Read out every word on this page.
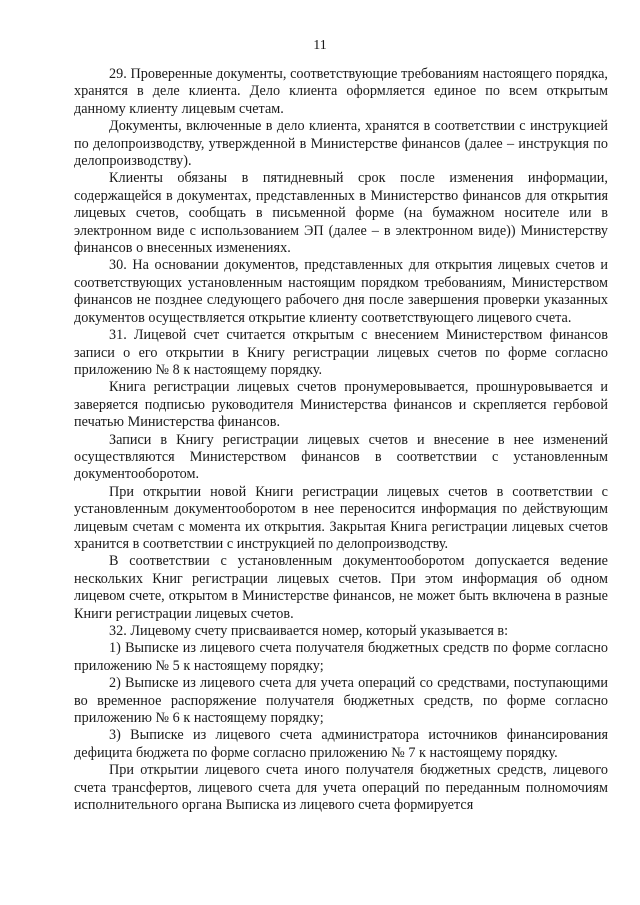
11

29. Проверенные документы, соответствующие требованиям настоящего порядка, хранятся в деле клиента. Дело клиента оформляется единое по всем открытым данному клиенту лицевым счетам.

Документы, включенные в дело клиента, хранятся в соответствии с инструкцией по делопроизводству, утвержденной в Министерстве финансов (далее – инструкция по делопроизводству).

Клиенты обязаны в пятидневный срок после изменения информации, содержащейся в документах, представленных в Министерство финансов для открытия лицевых счетов, сообщать в письменной форме (на бумажном носителе или в электронном виде с использованием ЭП (далее – в электронном виде)) Министерству финансов о внесенных изменениях.

30. На основании документов, представленных для открытия лицевых счетов и соответствующих установленным настоящим порядком требованиям, Министерством финансов не позднее следующего рабочего дня после завершения проверки указанных документов осуществляется открытие клиенту соответствующего лицевого счета.

31. Лицевой счет считается открытым с внесением Министерством финансов записи о его открытии в Книгу регистрации лицевых счетов по форме согласно приложению № 8 к настоящему порядку.

Книга регистрации лицевых счетов пронумеровывается, прошнуровывается и заверяется подписью руководителя Министерства финансов и скрепляется гербовой печатью Министерства финансов.

Записи в Книгу регистрации лицевых счетов и внесение в нее изменений осуществляются Министерством финансов в соответствии с установленным документооборотом.

При открытии новой Книги регистрации лицевых счетов в соответствии с установленным документооборотом в нее переносится информация по действующим лицевым счетам с момента их открытия. Закрытая Книга регистрации лицевых счетов хранится в соответствии с инструкцией по делопроизводству.

В соответствии с установленным документооборотом допускается ведение нескольких Книг регистрации лицевых счетов. При этом информация об одном лицевом счете, открытом в Министерстве финансов, не может быть включена в разные Книги регистрации лицевых счетов.

32. Лицевому счету присваивается номер, который указывается в:

1) Выписке из лицевого счета получателя бюджетных средств по форме согласно приложению № 5 к настоящему порядку;

2) Выписке из лицевого счета для учета операций со средствами, поступающими во временное распоряжение получателя бюджетных средств, по форме согласно приложению № 6 к настоящему порядку;

3) Выписке из лицевого счета администратора источников финансирования дефицита бюджета по форме согласно приложению № 7 к настоящему порядку.

При открытии лицевого счета иного получателя бюджетных средств, лицевого счета трансфертов, лицевого счета для учета операций по переданным полномочиям исполнительного органа Выписка из лицевого счета формируется
